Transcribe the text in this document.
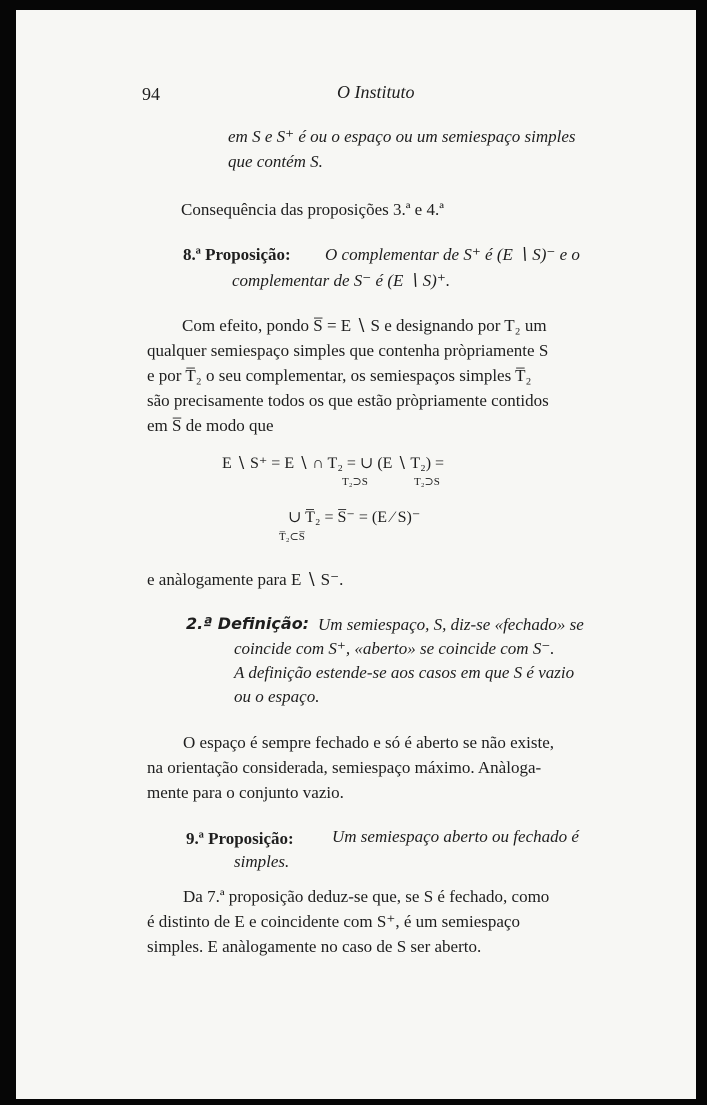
94	O Instituto
em S e S⁺ é ou o espaço ou um semiespaço simples
que contém S.
Consequência das proposições 3.ª e 4.ª
8.ª Proposição: O complementar de S⁺ é (E ∖ S)⁻ e o
complementar de S⁻ é (E ∖ S)⁺.
Com efeito, pondo S̅ = E ∖ S e designando por T₂ um
qualquer semiespaço simples que contenha pròpriamente S
e por T̅₂ o seu complementar, os semiespaços simples T̅₂
são precisamente todos os que estão pròpriamente contidos
em S̅ de modo que
E ∖ S⁺ = E ∖ ∩ T₂ = ∪ (E ∖ T₂) =
T₂⊃S	T₂⊃S
∪ T̅₂ = S̅⁻ = (E ∕ S)⁻
T̅₂⊂S̅
e anàlogamente para E ∖ S⁻.
2.ª Definição: Um semiespaço, S, diz-se «fechado» se
coincide com S⁺, «aberto» se coincide com S⁻.
A definição estende-se aos casos em que S é vazio
ou o espaço.
O espaço é sempre fechado e só é aberto se não existe,
na orientação considerada, semiespaço máximo. Anàloga-
mente para o conjunto vazio.
9.ª Proposição: Um semiespaço aberto ou fechado é
simples.
Da 7.ª proposição deduz-se que, se S é fechado, como
é distinto de E e coincidente com S⁺, é um semiespaço
simples. E anàlogamente no caso de S ser aberto.
